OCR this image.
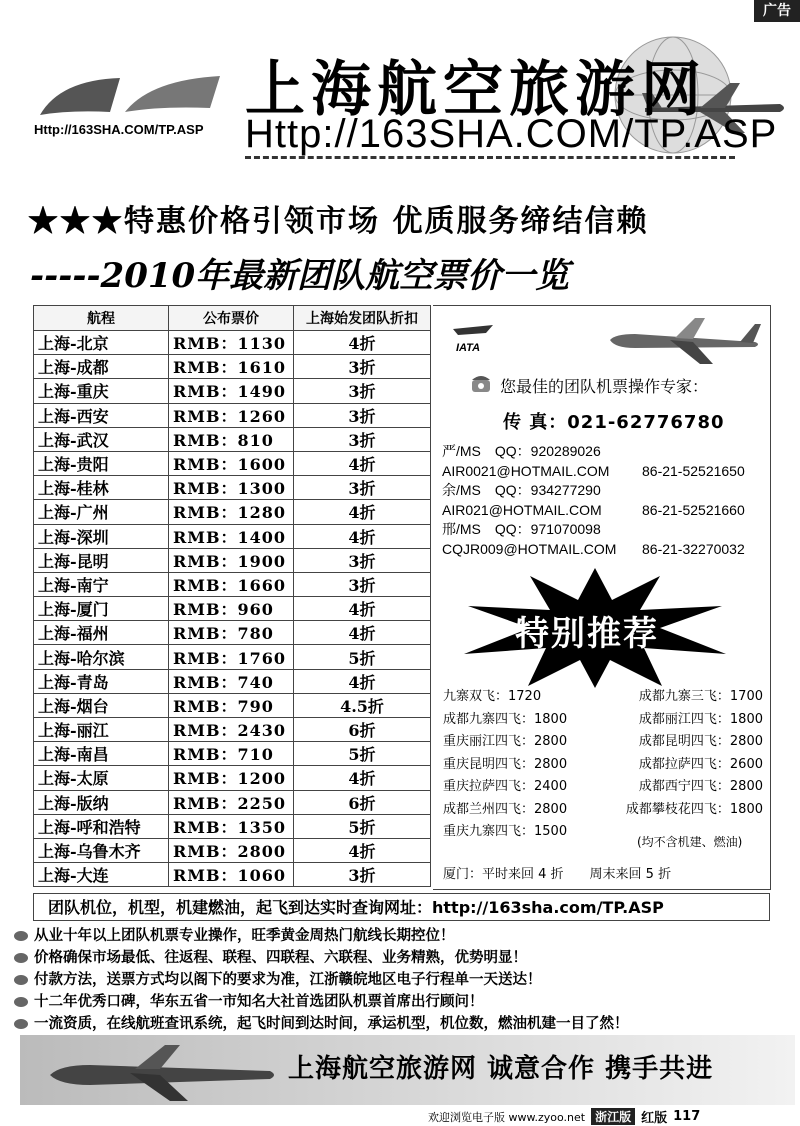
广告
Http://163SHA.COM/TP.ASP
上海航空旅游网
Http://163SHA.COM/TP.ASP
★★★特惠价格引领市场 优质服务缔结信赖
-----2010年最新团队航空票价一览
航程	公布票价	上海始发团队折扣
上海-北京	RMB：1130	4折
上海-成都	RMB：1610	3折
上海-重庆	RMB：1490	3折
上海-西安	RMB：1260	3折
上海-武汉	RMB：810	3折
上海-贵阳	RMB：1600	4折
上海-桂林	RMB：1300	3折
上海-广州	RMB：1280	4折
上海-深圳	RMB：1400	4折
上海-昆明	RMB：1900	3折
上海-南宁	RMB：1660	3折
上海-厦门	RMB：960	4折
上海-福州	RMB：780	4折
上海-哈尔滨	RMB：1760	5折
上海-青岛	RMB：740	4折
上海-烟台	RMB：790	4.5折
上海-丽江	RMB：2430	6折
上海-南昌	RMB：710	5折
上海-太原	RMB：1200	4折
上海-版纳	RMB：2250	6折
上海-呼和浩特	RMB：1350	5折
上海-乌鲁木齐	RMB：2800	4折
上海-大连	RMB：1060	3折
IATA
您最佳的团队机票操作专家：
传 真：021-62776780
严/MS　QQ：920289026
AIR0021@HOTMAIL.COM	86-21-52521650
余/MS　QQ：934277290
AIR021@HOTMAIL.COM	86-21-52521660
邢/MS　QQ：971070098
CQJR009@HOTMAIL.COM	86-21-32270032
特别推荐
九寨双飞：1720	成都九寨三飞：1700
成都九寨四飞：1800	成都丽江四飞：1800
重庆丽江四飞：2800	成都昆明四飞：2800
重庆昆明四飞：2800	成都拉萨四飞：2600
重庆拉萨四飞：2400	成都西宁四飞：2800
成都兰州四飞：2800	成都攀枝花四飞：1800
重庆九寨四飞：1500
(均不含机建、燃油)
厦门：平时来回 4 折　　周末来回 5 折
团队机位，机型，机建燃油，起飞到达实时查询网址：http://163sha.com/TP.ASP
从业十年以上团队机票专业操作，旺季黄金周热门航线长期控位！
价格确保市场最低、往返程、联程、四联程、六联程、业务精熟，优势明显！
付款方法，送票方式均以阁下的要求为准，江浙赣皖地区电子行程单一天送达！
十二年优秀口碑，华东五省一市知名大社首选团队机票首席出行顾问！
一流资质，在线航班查讯系统，起飞时间到达时间，承运机型，机位数，燃油机建一目了然！
上海航空旅游网 诚意合作 携手共进
欢迎浏览电子版 www.zyoo.net 浙江版 红版 117
